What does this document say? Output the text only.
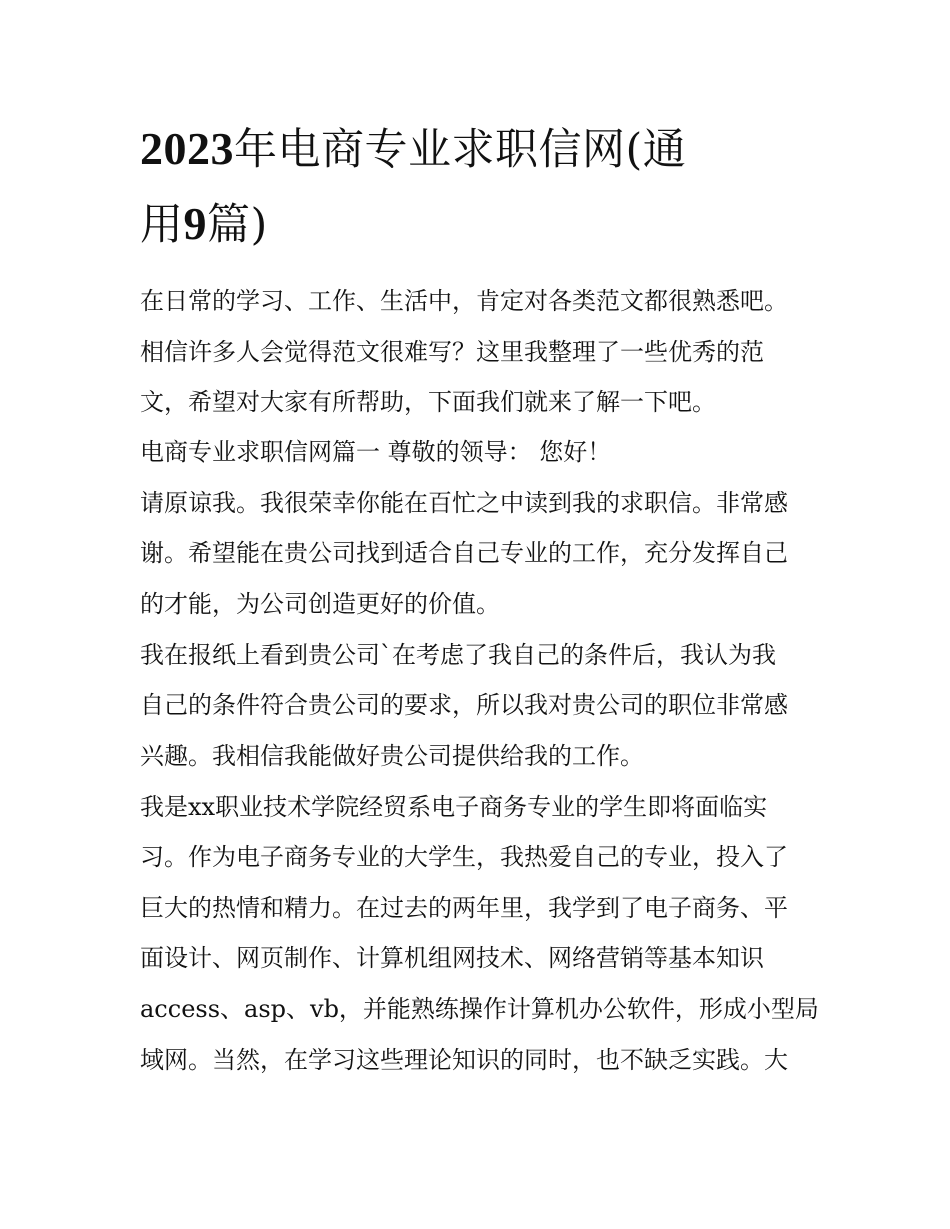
2023年电商专业求职信网(通
用9篇)

在日常的学习、工作、生活中，肯定对各类范文都很熟悉吧。

相信许多人会觉得范文很难写？这里我整理了一些优秀的范

文，希望对大家有所帮助，下面我们就来了解一下吧。

电商专业求职信网篇一 尊敬的领导： 您好！

请原谅我。我很荣幸你能在百忙之中读到我的求职信。非常感

谢。希望能在贵公司找到适合自己专业的工作，充分发挥自己

的才能，为公司创造更好的价值。

我在报纸上看到贵公司`在考虑了我自己的条件后，我认为我

自己的条件符合贵公司的要求，所以我对贵公司的职位非常感

兴趣。我相信我能做好贵公司提供给我的工作。

我是xx职业技术学院经贸系电子商务专业的学生即将面临实

习。作为电子商务专业的大学生，我热爱自己的专业，投入了

巨大的热情和精力。在过去的两年里，我学到了电子商务、平

面设计、网页制作、计算机组网技术、网络营销等基本知识

access、asp、vb，并能熟练操作计算机办公软件，形成小型局

域网。当然，在学习这些理论知识的同时，也不缺乏实践。大
